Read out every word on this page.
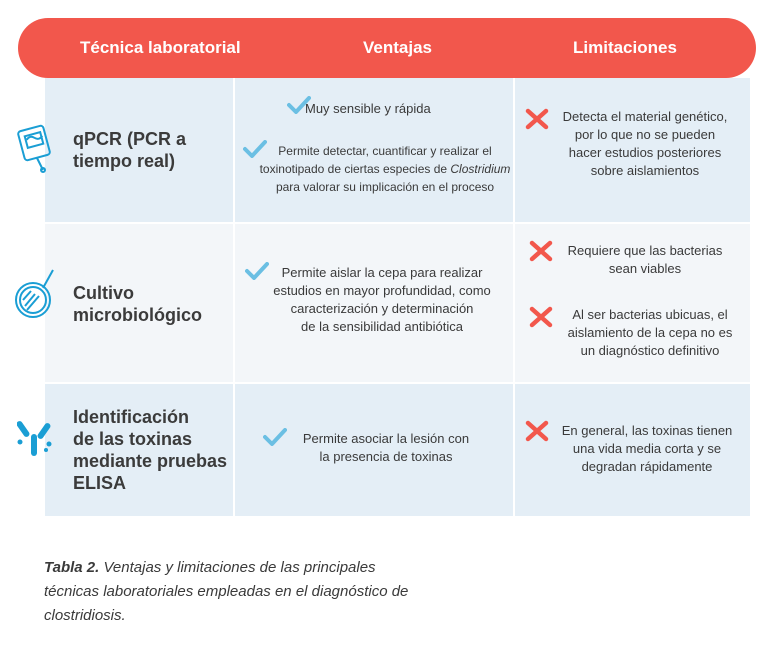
Técnica laboratorial	Ventajas	Limitaciones
qPCR (PCR a
tiempo real)
Muy sensible y rápida
Permite detectar, cuantificar y realizar el
toxinotipado de ciertas especies de Clostridium
para valorar su implicación en el proceso
Detecta el material genético,
por lo que no se pueden
hacer estudios posteriores
sobre aislamientos
Cultivo
microbiológico
Permite aislar la cepa para realizar
estudios en mayor profundidad, como
caracterización y determinación
de la sensibilidad antibiótica
Requiere que las bacterias
sean viables
Al ser bacterias ubicuas, el
aislamiento de la cepa no es
un diagnóstico definitivo
Identificación
de las toxinas
mediante pruebas
ELISA
Permite asociar la lesión con
la presencia de toxinas
En general, las toxinas tienen
una vida media corta y se
degradan rápidamente
Tabla 2. Ventajas y limitaciones de las principales
técnicas laboratoriales empleadas en el diagnóstico de
clostridiosis.
